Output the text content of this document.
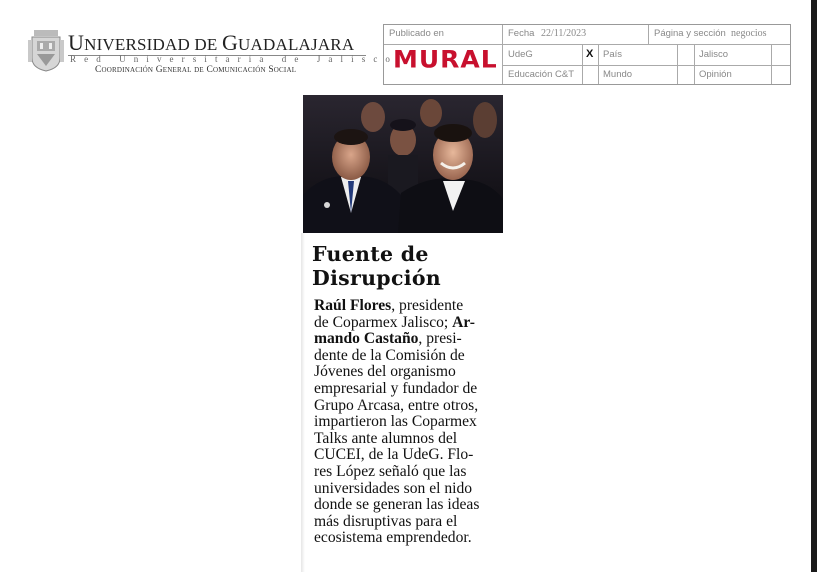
UNIVERSIDAD DE GUADALAJARA
Red Universitaria de Jalisco
Coordinación General de Comunicación Social
Publicado en
MURAL
Fecha 22/11/2023	Página y sección negocios
UdeG	X País	Jalisco
Educación C&T	Mundo	Opinión
Fuente de
Disrupción
Raúl Flores, presidente
de Coparmex Jalisco; Ar-
mando Castaño, presi-
dente de la Comisión de
Jóvenes del organismo
empresarial y fundador de
Grupo Arcasa, entre otros,
impartieron las Coparmex
Talks ante alumnos del
CUCEI, de la UdeG. Flo-
res López señaló que las
universidades son el nido
donde se generan las ideas
más disruptivas para el
ecosistema emprendedor.
